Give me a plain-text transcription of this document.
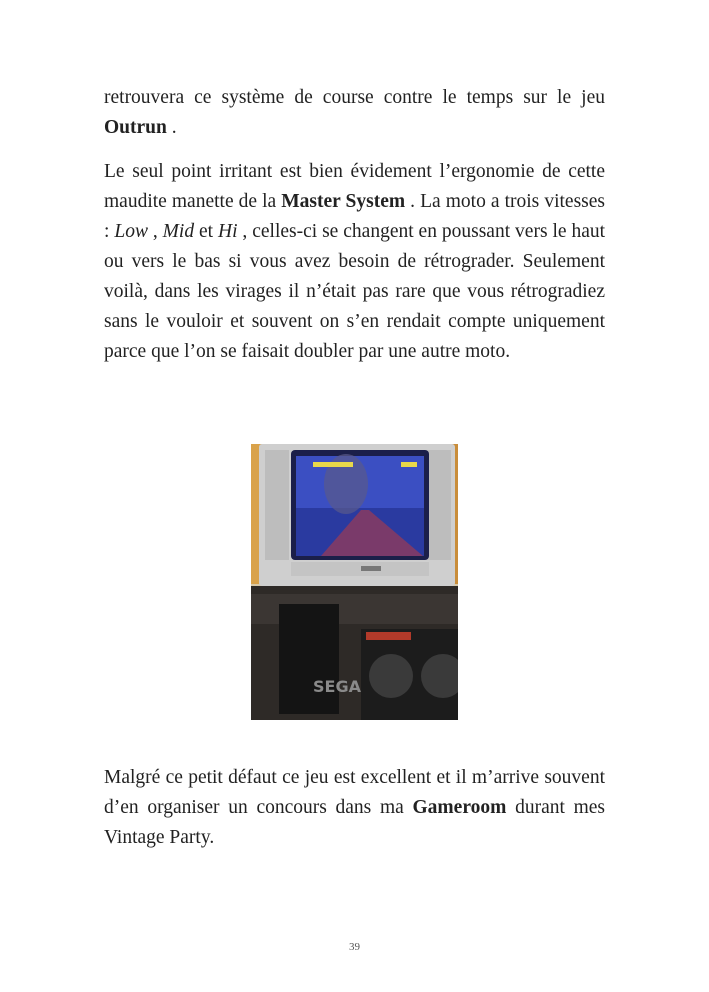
retrouvera ce système de course contre le temps sur le jeu Outrun .

Le seul point irritant est bien évidement l’ergonomie de cette maudite manette de la Master System . La moto a trois vitesses : Low , Mid et Hi , celles-ci se changent en poussant vers le haut ou vers le bas si vous avez besoin de rétrograder. Seulement voilà, dans les virages il n’était pas rare que vous rétrogradiez sans le vouloir et souvent on s’en rendait compte uniquement parce que l’on se faisait doubler par une autre moto.

SEGA

Malgré ce petit défaut ce jeu est excellent et il m’arrive souvent d’en organiser un concours dans ma Gameroom durant mes Vintage Party.

39
